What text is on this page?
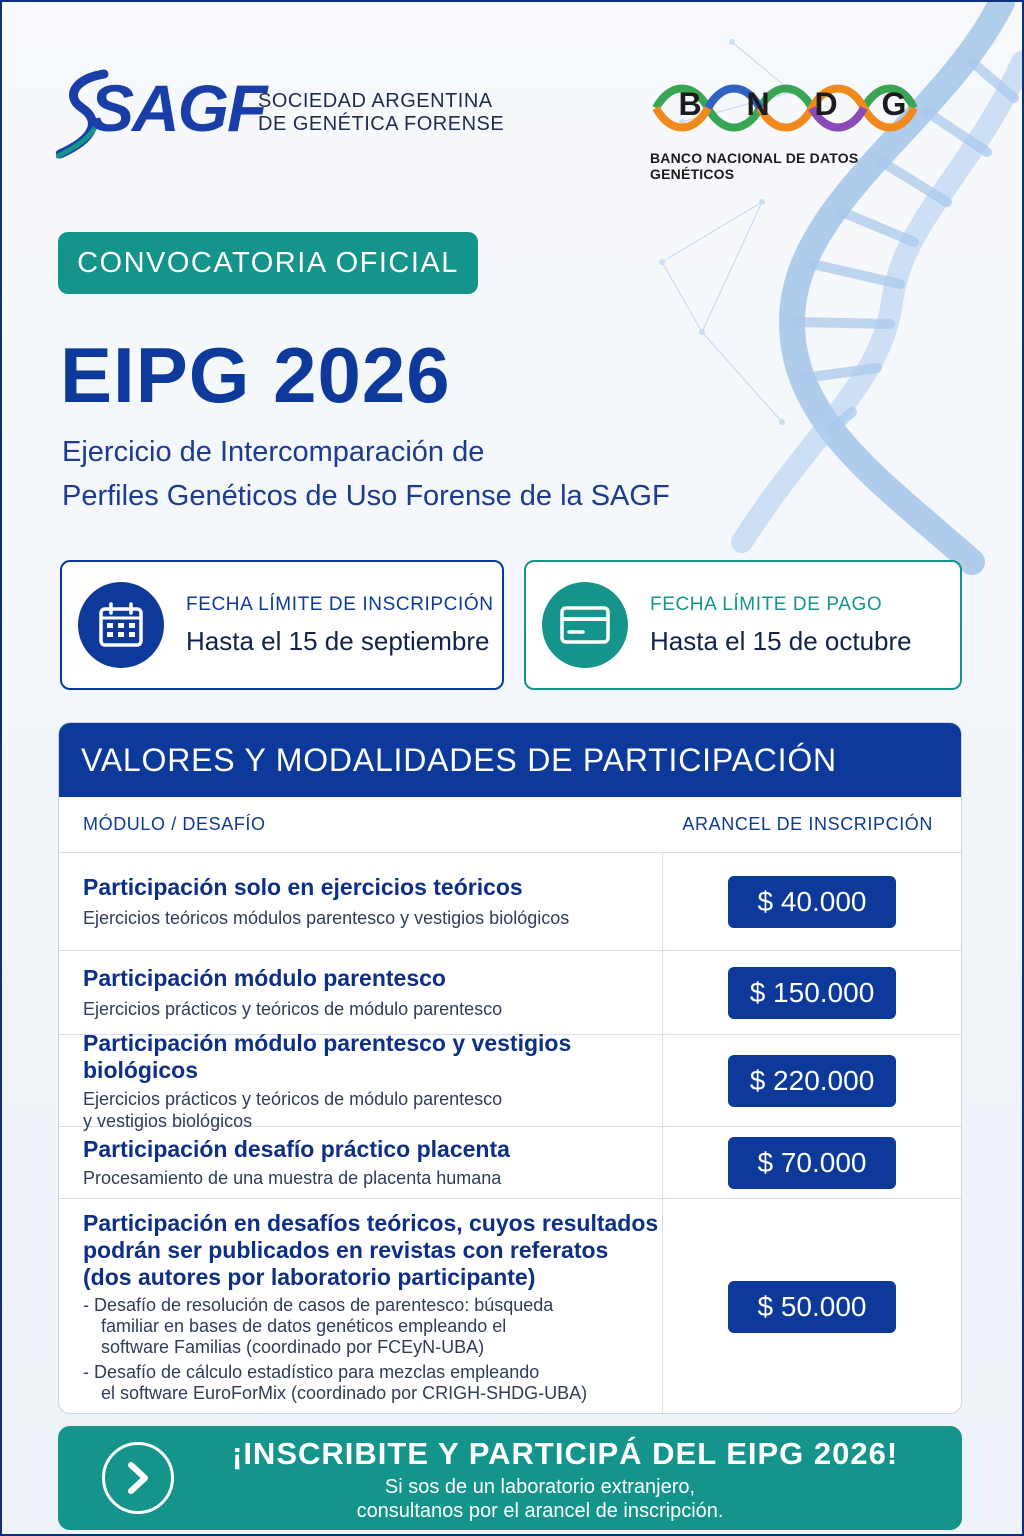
SAGF
SOCIEDAD ARGENTINA
DE GENÉTICA FORENSE
B	N	D	G
BANCO NACIONAL DE DATOS GENÉTICOS
CONVOCATORIA OFICIAL
EIPG 2026
Ejercicio de Intercomparación de
Perfiles Genéticos de Uso Forense de la SAGF
FECHA LÍMITE DE INSCRIPCIÓN
Hasta el 15 de septiembre
FECHA LÍMITE DE PAGO
Hasta el 15 de octubre
VALORES Y MODALIDADES DE PARTICIPACIÓN
MÓDULO / DESAFÍO	ARANCEL DE INSCRIPCIÓN
Participación solo en ejercicios teóricos
Ejercicios teóricos módulos parentesco y vestigios biológicos
$ 40.000
Participación módulo parentesco
Ejercicios prácticos y teóricos de módulo parentesco
$ 150.000
Participación módulo parentesco y vestigios biológicos
Ejercicios prácticos y teóricos de módulo parentesco
y vestigios biológicos
$ 220.000
Participación desafío práctico placenta
Procesamiento de una muestra de placenta humana
$ 70.000
Participación en desafíos teóricos, cuyos resultados
podrán ser publicados en revistas con referatos
(dos autores por laboratorio participante)
- Desafío de resolución de casos de parentesco: búsqueda
familiar en bases de datos genéticos empleando el
software Familias (coordinado por FCEyN-UBA)
- Desafío de cálculo estadístico para mezclas empleando
el software EuroForMix (coordinado por CRIGH-SHDG-UBA)
$ 50.000
¡INSCRIBITE Y PARTICIPÁ DEL EIPG 2026!
Si sos de un laboratorio extranjero,
consultanos por el arancel de inscripción.
